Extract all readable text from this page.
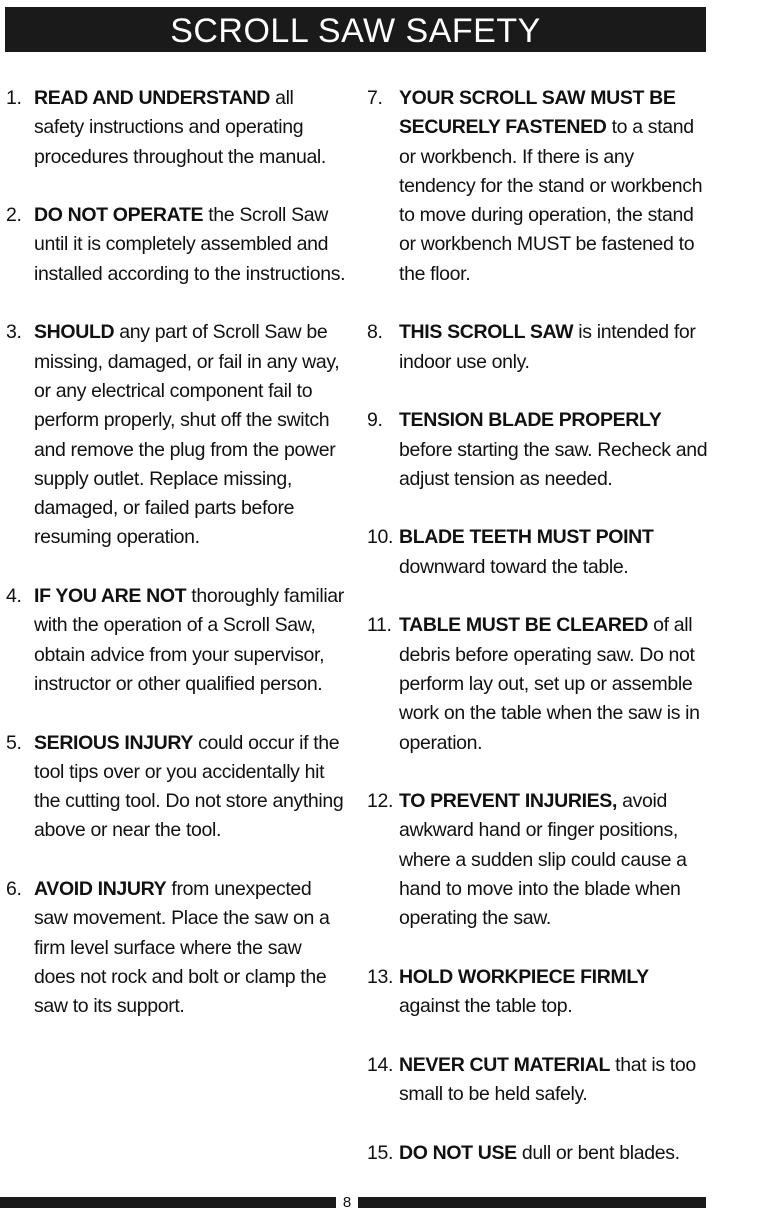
SCROLL SAW SAFETY
1. READ AND UNDERSTAND all safety instructions and operating procedures throughout the manual.
2. DO NOT OPERATE the Scroll Saw until it is completely assembled and installed according to the instructions.
3. SHOULD any part of Scroll Saw be missing, damaged, or fail in any way, or any electrical component fail to perform properly, shut off the switch and remove the plug from the power supply outlet. Replace missing, damaged, or failed parts before resuming operation.
4. IF YOU ARE NOT thoroughly familiar with the operation of a Scroll Saw, obtain advice from your supervisor, instructor or other qualified person.
5. SERIOUS INJURY could occur if the tool tips over or you accidentally hit the cutting tool. Do not store anything above or near the tool.
6. AVOID INJURY from unexpected saw movement. Place the saw on a firm level surface where the saw does not rock and bolt or clamp the saw to its support.
7. YOUR SCROLL SAW MUST BE SECURELY FASTENED to a stand or workbench. If there is any tendency for the stand or workbench to move during operation, the stand or workbench MUST be fastened to the floor.
8. THIS SCROLL SAW is intended for indoor use only.
9. TENSION BLADE PROPERLY before starting the saw. Recheck and adjust tension as needed.
10. BLADE TEETH MUST POINT downward toward the table.
11. TABLE MUST BE CLEARED of all debris before operating saw. Do not perform lay out, set up or assemble work on the table when the saw is in operation.
12. TO PREVENT INJURIES, avoid awkward hand or finger positions, where a sudden slip could cause a hand to move into the blade when operating the saw.
13. HOLD WORKPIECE FIRMLY against the table top.
14. NEVER CUT MATERIAL that is too small to be held safely.
15. DO NOT USE dull or bent blades.
8
